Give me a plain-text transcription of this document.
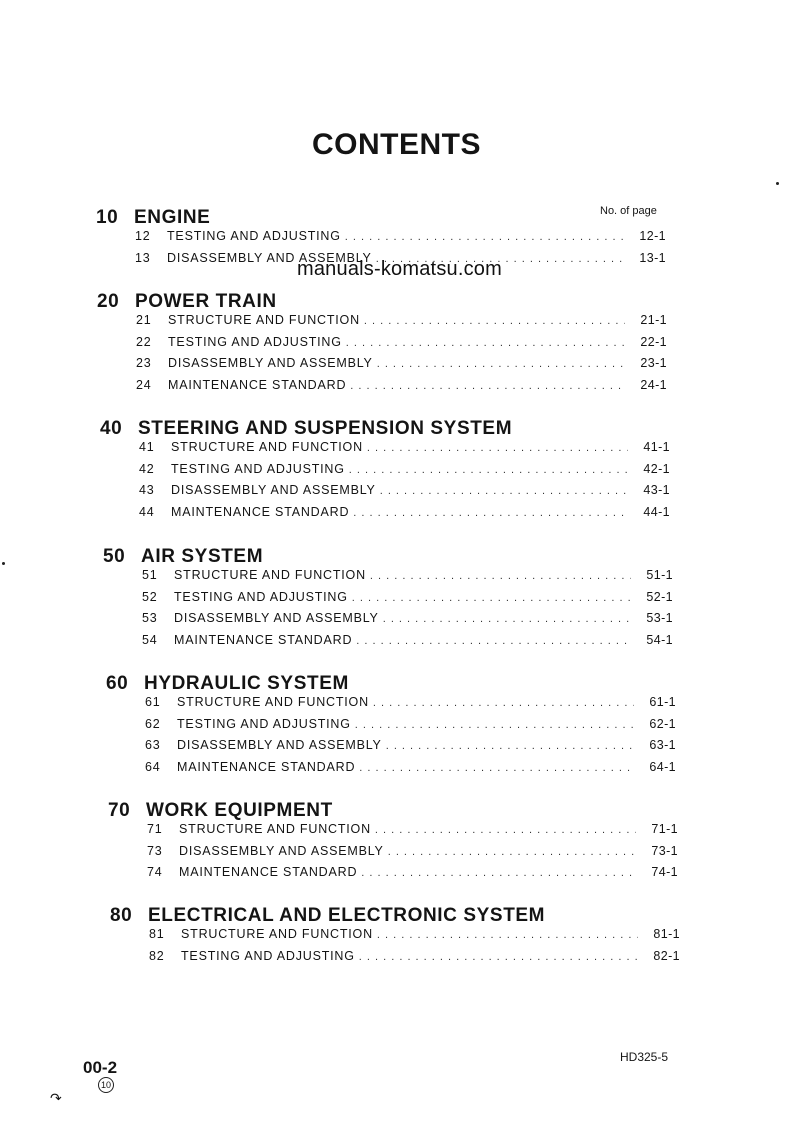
CONTENTS
No. of page
10 ENGINE
12	TESTING AND ADJUSTING . . .	12-1
13	DISASSEMBLY AND ASSEMBLY . . .	13-1
manuals-komatsu.com
20 POWER TRAIN
21	STRUCTURE AND FUNCTION . . .	21-1
22	TESTING AND ADJUSTING . . .	22-1
23	DISASSEMBLY AND ASSEMBLY . . .	23-1
24	MAINTENANCE STANDARD . . .	24-1
40 STEERING AND SUSPENSION SYSTEM
41	STRUCTURE AND FUNCTION . . .	41-1
42	TESTING AND ADJUSTING . . .	42-1
43	DISASSEMBLY AND ASSEMBLY . . .	43-1
44	MAINTENANCE STANDARD . . .	44-1
50 AIR SYSTEM
51	STRUCTURE AND FUNCTION . . .	51-1
52	TESTING AND ADJUSTING . . .	52-1
53	DISASSEMBLY AND ASSEMBLY . . .	53-1
54	MAINTENANCE STANDARD . . .	54-1
60 HYDRAULIC SYSTEM
61	STRUCTURE AND FUNCTION . . .	61-1
62	TESTING AND ADJUSTING . . .	62-1
63	DISASSEMBLY AND ASSEMBLY . . .	63-1
64	MAINTENANCE STANDARD . . .	64-1
70 WORK EQUIPMENT
71	STRUCTURE AND FUNCTION . . .	71-1
73	DISASSEMBLY AND ASSEMBLY . . .	73-1
74	MAINTENANCE STANDARD . . .	74-1
80 ELECTRICAL AND ELECTRONIC SYSTEM
81	STRUCTURE AND FUNCTION . . .	81-1
82	TESTING AND ADJUSTING . . .	82-1
00-2
10
HD325-5
↷
